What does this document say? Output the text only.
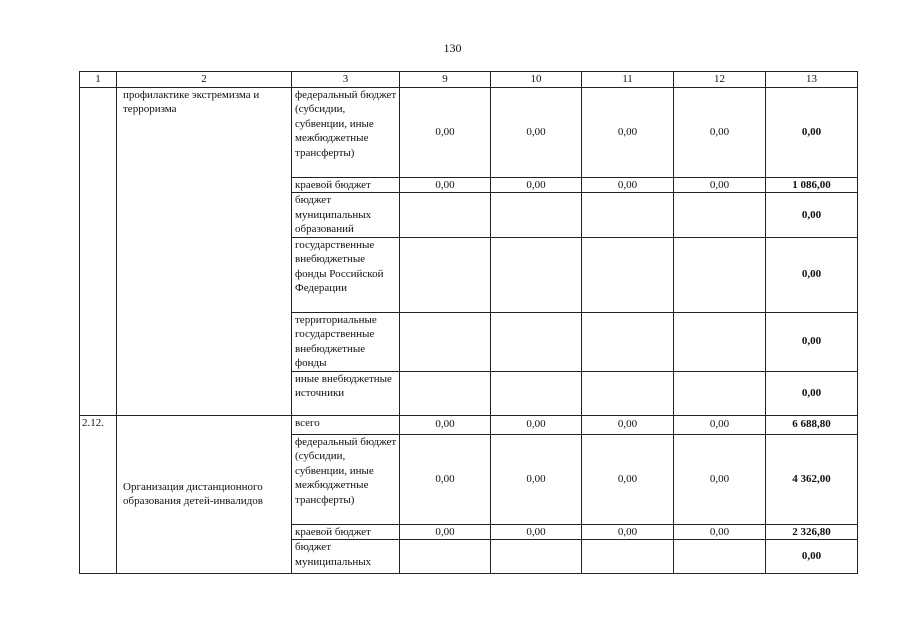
130
1	2	3	9	10	11	12	13
	профилактике экстремизма и терроризма	федеральный бюджет (субсидии, субвенции, иные межбюджетные трансферты)	0,00	0,00	0,00	0,00	0,00
		краевой бюджет	0,00	0,00	0,00	0,00	1 086,00
		бюджет муниципальных образований					0,00
		государственные внебюджетные фонды Российской Федерации					0,00
		территориальные государственные внебюджетные фонды					0,00
		иные внебюджетные источники					0,00
2.12.	Организация дистанционного образования детей-инвалидов	всего	0,00	0,00	0,00	0,00	6 688,80
		федеральный бюджет (субсидии, субвенции, иные межбюджетные трансферты)	0,00	0,00	0,00	0,00	4 362,00
		краевой бюджет	0,00	0,00	0,00	0,00	2 326,80
		бюджет муниципальных					0,00
